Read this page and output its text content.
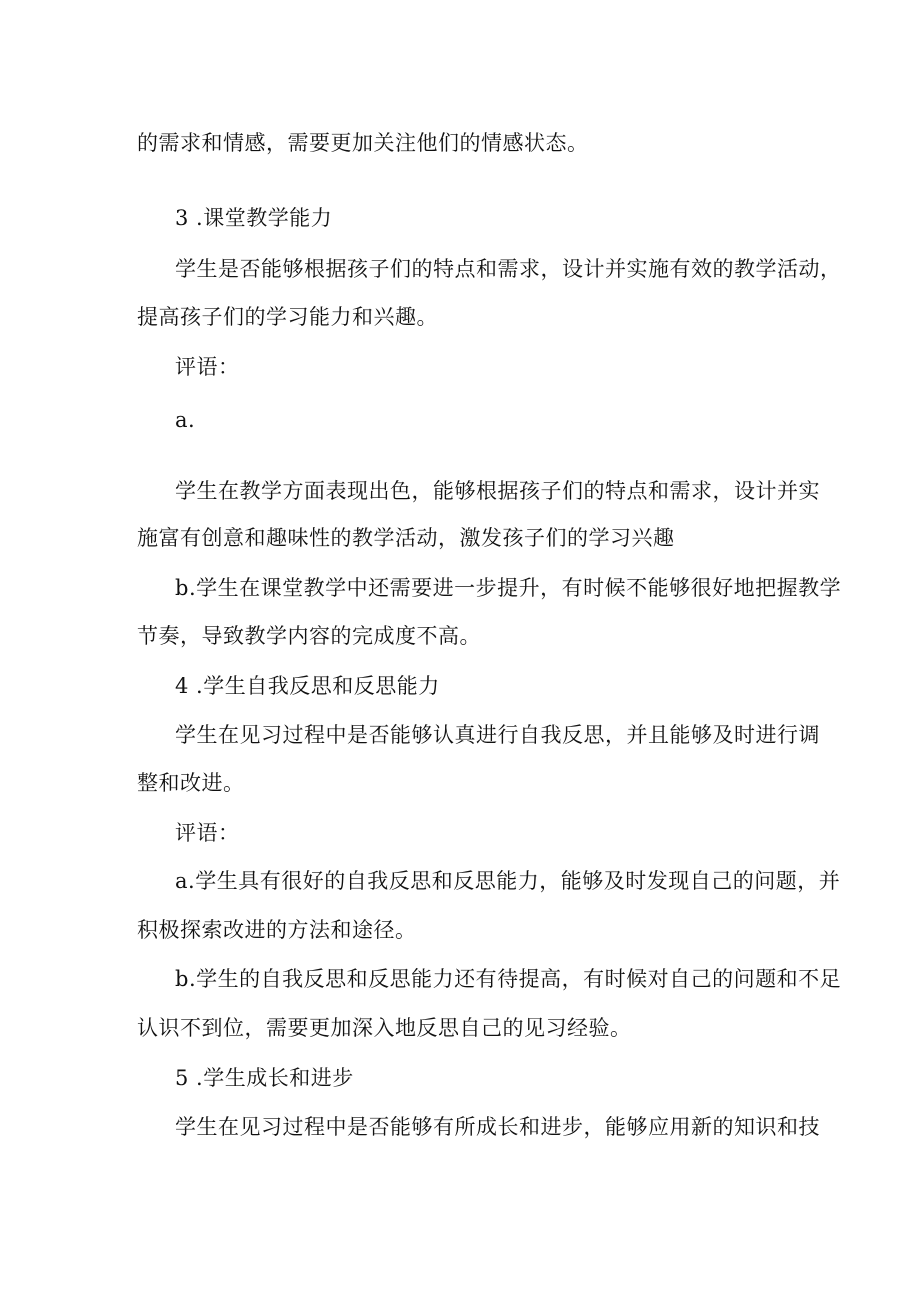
的需求和情感，需要更加关注他们的情感状态。
3 .课堂教学能力
学生是否能够根据孩子们的特点和需求，设计并实施有效的教学活动，
提高孩子们的学习能力和兴趣。
评语：
a.
学生在教学方面表现出色，能够根据孩子们的特点和需求，设计并实
施富有创意和趣味性的教学活动，激发孩子们的学习兴趣
b.学生在课堂教学中还需要进一步提升，有时候不能够很好地把握教学
节奏，导致教学内容的完成度不高。
4 .学生自我反思和反思能力
学生在见习过程中是否能够认真进行自我反思，并且能够及时进行调
整和改进。
评语：
a.学生具有很好的自我反思和反思能力，能够及时发现自己的问题，并
积极探索改进的方法和途径。
b.学生的自我反思和反思能力还有待提高，有时候对自己的问题和不足
认识不到位，需要更加深入地反思自己的见习经验。
5 .学生成长和进步
学生在见习过程中是否能够有所成长和进步，能够应用新的知识和技
